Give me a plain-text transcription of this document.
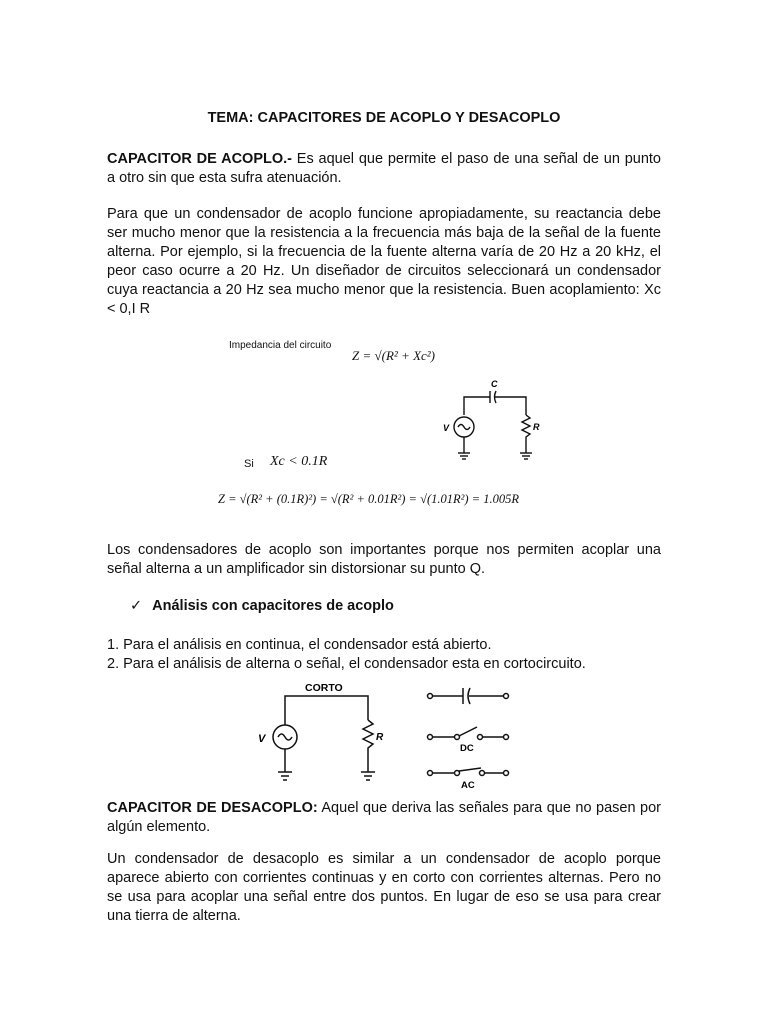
TEMA: CAPACITORES DE ACOPLO Y DESACOPLO

CAPACITOR DE ACOPLO.- Es aquel que permite el paso de una señal de un punto a otro sin que esta sufra atenuación.

Para que un condensador de acoplo funcione apropiadamente, su reactancia debe ser mucho menor que la resistencia a la frecuencia más baja de la señal de la fuente alterna. Por ejemplo, si la frecuencia de la fuente alterna varía de 20 Hz a 20 kHz, el peor caso ocurre a 20 Hz. Un diseñador de circuitos seleccionará un condensador cuya reactancia a 20 Hz sea mucho menor que la resistencia. Buen acoplamiento: Xc < 0,I R

Impedancia del circuito
Z = √(R² + Xc²)
Si Xc < 0.1R
Z = √(R² + (0.1R)²) = √(R² + 0.01R²) = √(1.01R²) = 1.005R
C
V	R

Los condensadores de acoplo son importantes porque nos permiten acoplar una señal alterna a un amplificador sin distorsionar su punto Q.

✓ Análisis con capacitores de acoplo

1. Para el análisis en continua, el condensador está abierto.

2. Para el análisis de alterna o señal, el condensador esta en cortocircuito.

CORTO
V	R
DC
AC

CAPACITOR DE DESACOPLO: Aquel que deriva las señales para que no pasen por algún elemento.

Un condensador de desacoplo es similar a un condensador de acoplo porque aparece abierto con corrientes continuas y en corto con corrientes alternas. Pero no se usa para acoplar una señal entre dos puntos. En lugar de eso se usa para crear una tierra de alterna.
